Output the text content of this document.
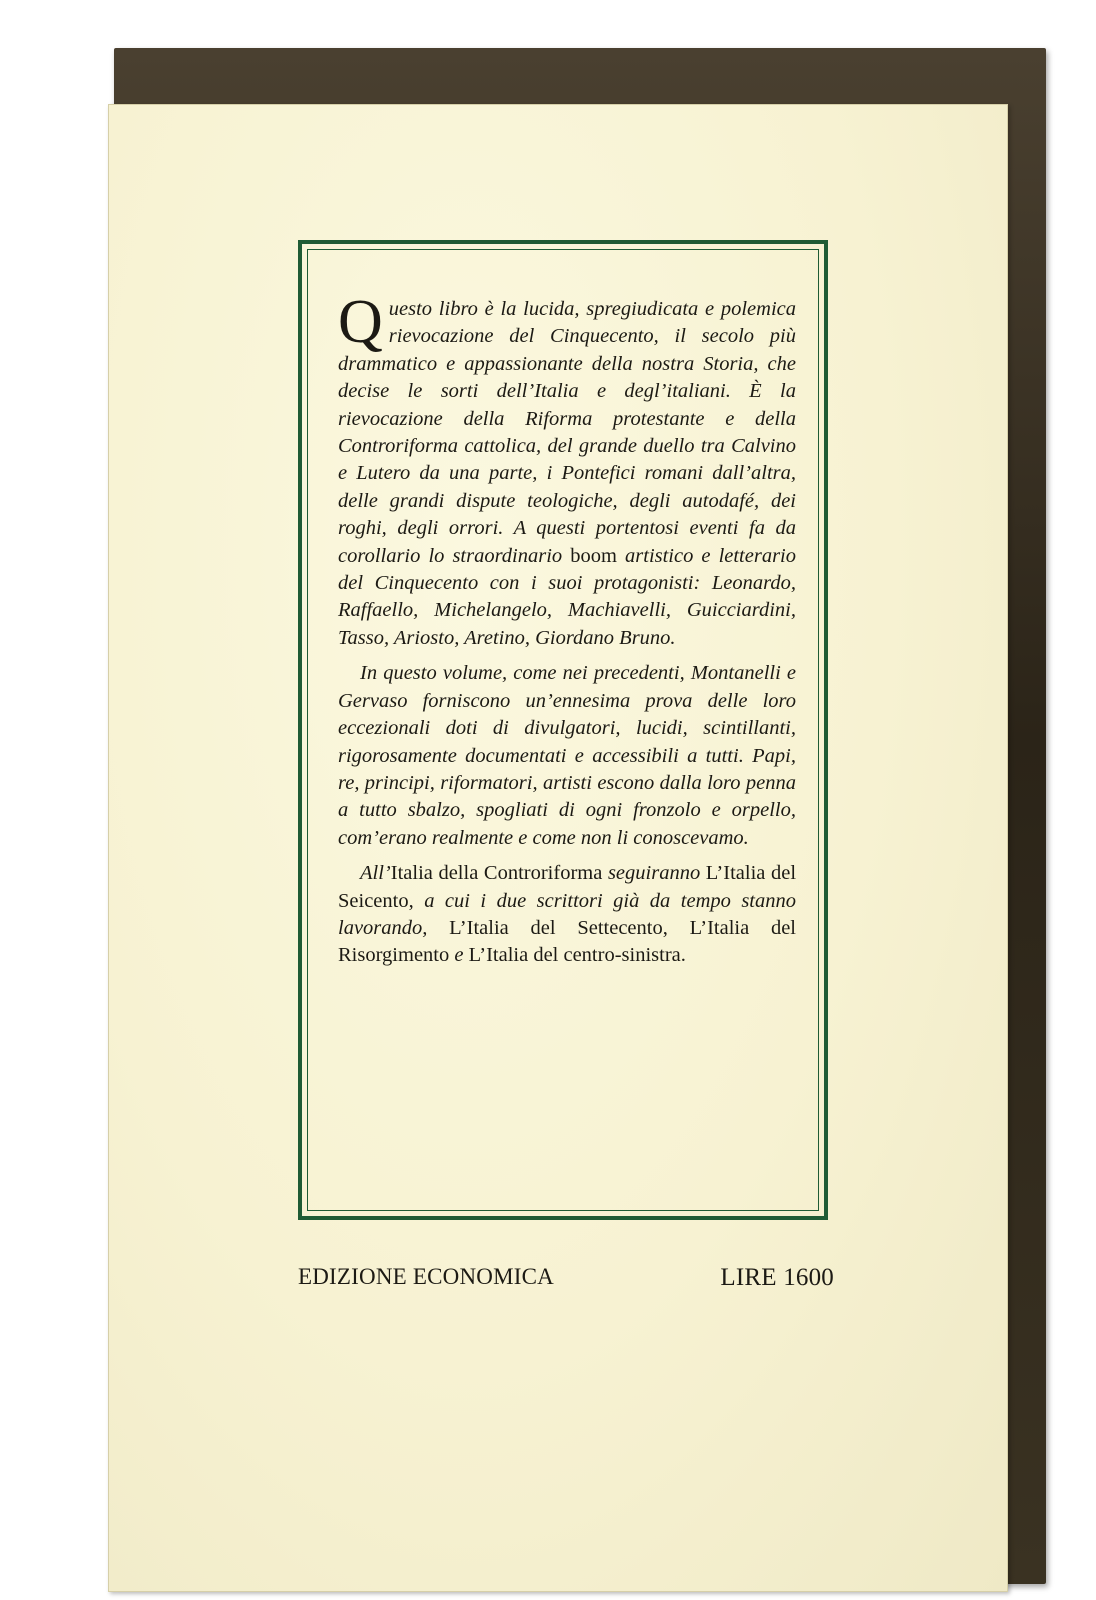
Questo libro è la lucida, spregiudicata e polemica rievocazione del Cinquecento, il secolo più drammatico e appassionante della nostra Storia, che decise le sorti dell’Italia e degl’italiani. È la rievocazione della Riforma protestante e della Controriforma cattolica, del grande duello tra Calvino e Lutero da una parte, i Pontefici romani dall’altra, delle grandi dispute teologiche, degli autodafé, dei roghi, degli orrori. A questi portentosi eventi fa da corollario lo straordinario boom artistico e letterario del Cinquecento con i suoi protagonisti: Leonardo, Raffaello, Michelangelo, Machiavelli, Guicciardini, Tasso, Ariosto, Aretino, Giordano Bruno.

In questo volume, come nei precedenti, Montanelli e Gervaso forniscono un’ennesima prova delle loro eccezionali doti di divulgatori, lucidi, scintillanti, rigorosamente documentati e accessibili a tutti. Papi, re, principi, riformatori, artisti escono dalla loro penna a tutto sbalzo, spogliati di ogni fronzolo e orpello, com’erano realmente e come non li conoscevamo.

All’Italia della Controriforma seguiranno L’Italia del Seicento, a cui i due scrittori già da tempo stanno lavorando, L’Italia del Settecento, L’Italia del Risorgimento e L’Italia del centro-sinistra.

EDIZIONE ECONOMICA	LIRE 1600
